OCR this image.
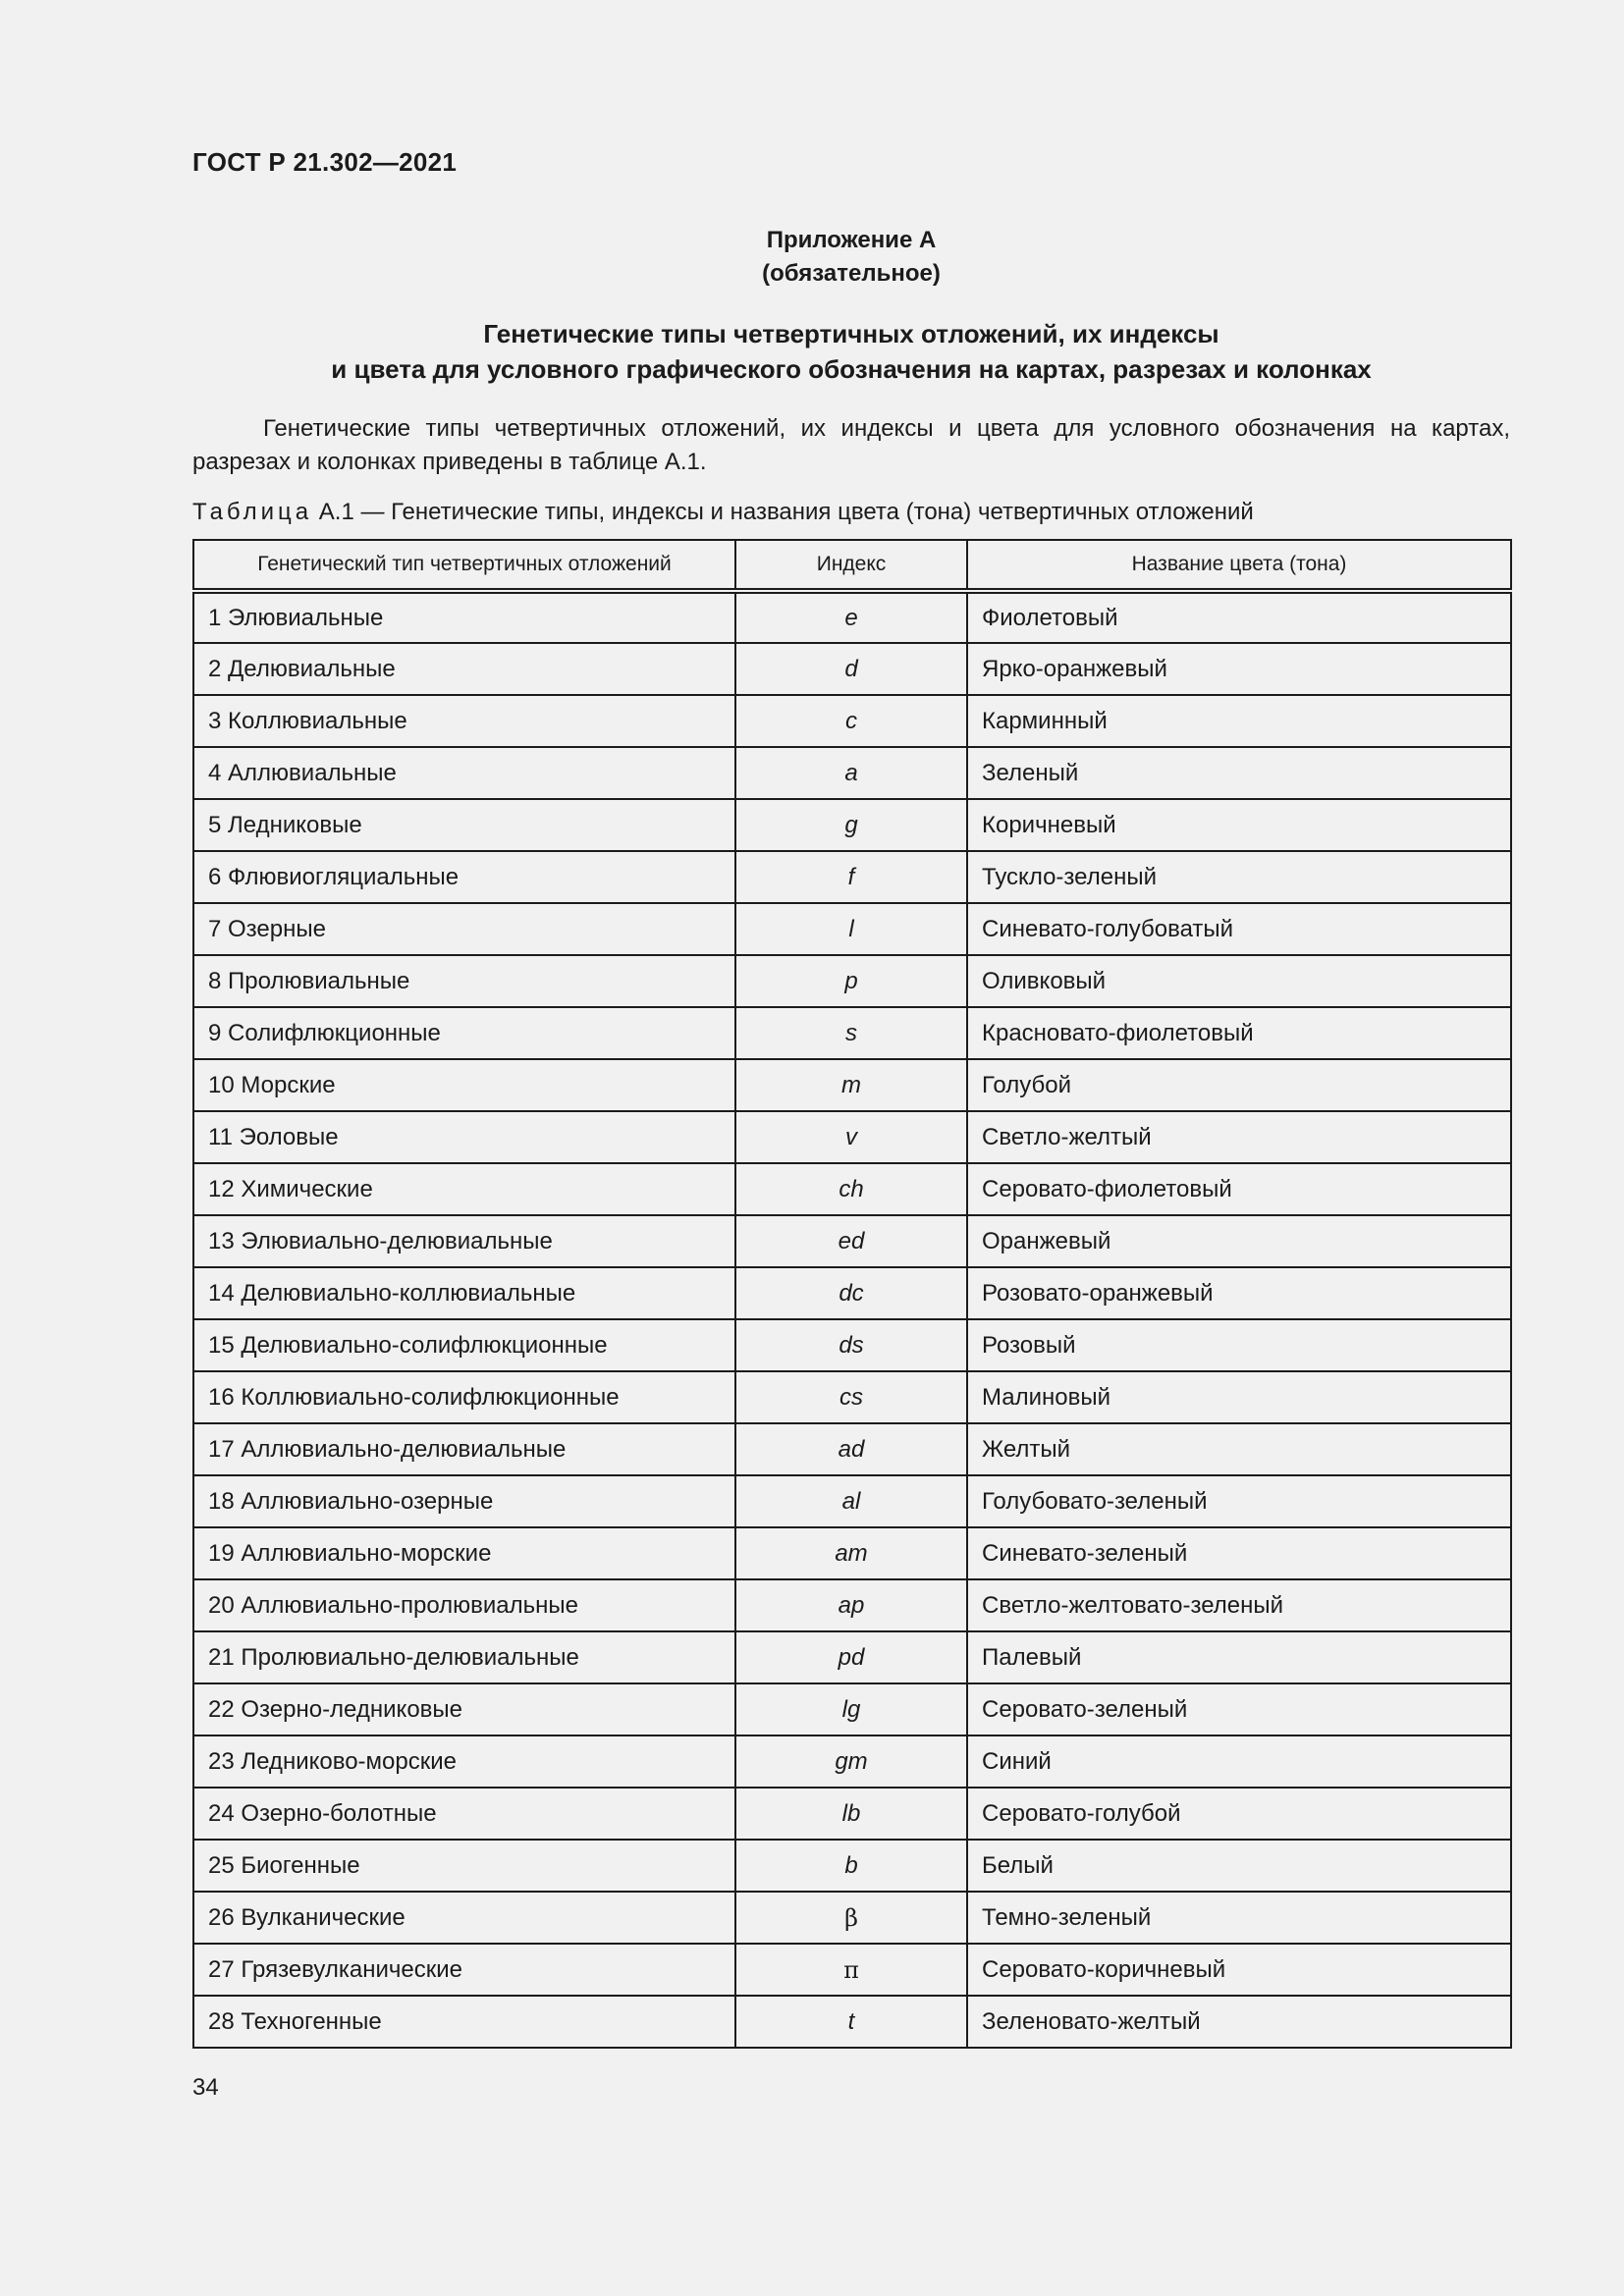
ГОСТ Р 21.302—2021
Приложение А
(обязательное)
Генетические типы четвертичных отложений, их индексы
и цвета для условного графического обозначения на картах, разрезах и колонках
Генетические типы четвертичных отложений, их индексы и цвета для условного обозначения на картах, разрезах и колонках приведены в таблице А.1.
Таблица А.1 — Генетические типы, индексы и названия цвета (тона) четвертичных отложений
Генетический тип четвертичных отложений	Индекс	Название цвета (тона)
1 Элювиальные	e	Фиолетовый
2 Делювиальные	d	Ярко-оранжевый
3 Коллювиальные	c	Карминный
4 Аллювиальные	a	Зеленый
5 Ледниковые	g	Коричневый
6 Флювиогляциальные	f	Тускло-зеленый
7 Озерные	l	Синевато-голубоватый
8 Пролювиальные	p	Оливковый
9 Солифлюкционные	s	Красновато-фиолетовый
10 Морские	m	Голубой
11 Эоловые	v	Светло-желтый
12 Химические	ch	Серовато-фиолетовый
13 Элювиально-делювиальные	ed	Оранжевый
14 Делювиально-коллювиальные	dc	Розовато-оранжевый
15 Делювиально-солифлюкционные	ds	Розовый
16 Коллювиально-солифлюкционные	cs	Малиновый
17 Аллювиально-делювиальные	ad	Желтый
18 Аллювиально-озерные	al	Голубовато-зеленый
19 Аллювиально-морские	am	Синевато-зеленый
20 Аллювиально-пролювиальные	ap	Светло-желтовато-зеленый
21 Пролювиально-делювиальные	pd	Палевый
22 Озерно-ледниковые	lg	Серовато-зеленый
23 Ледниково-морские	gm	Синий
24 Озерно-болотные	lb	Серовато-голубой
25 Биогенные	b	Белый
26 Вулканические	β	Темно-зеленый
27 Грязевулканические	π	Серовато-коричневый
28 Техногенные	t	Зеленовато-желтый
34
